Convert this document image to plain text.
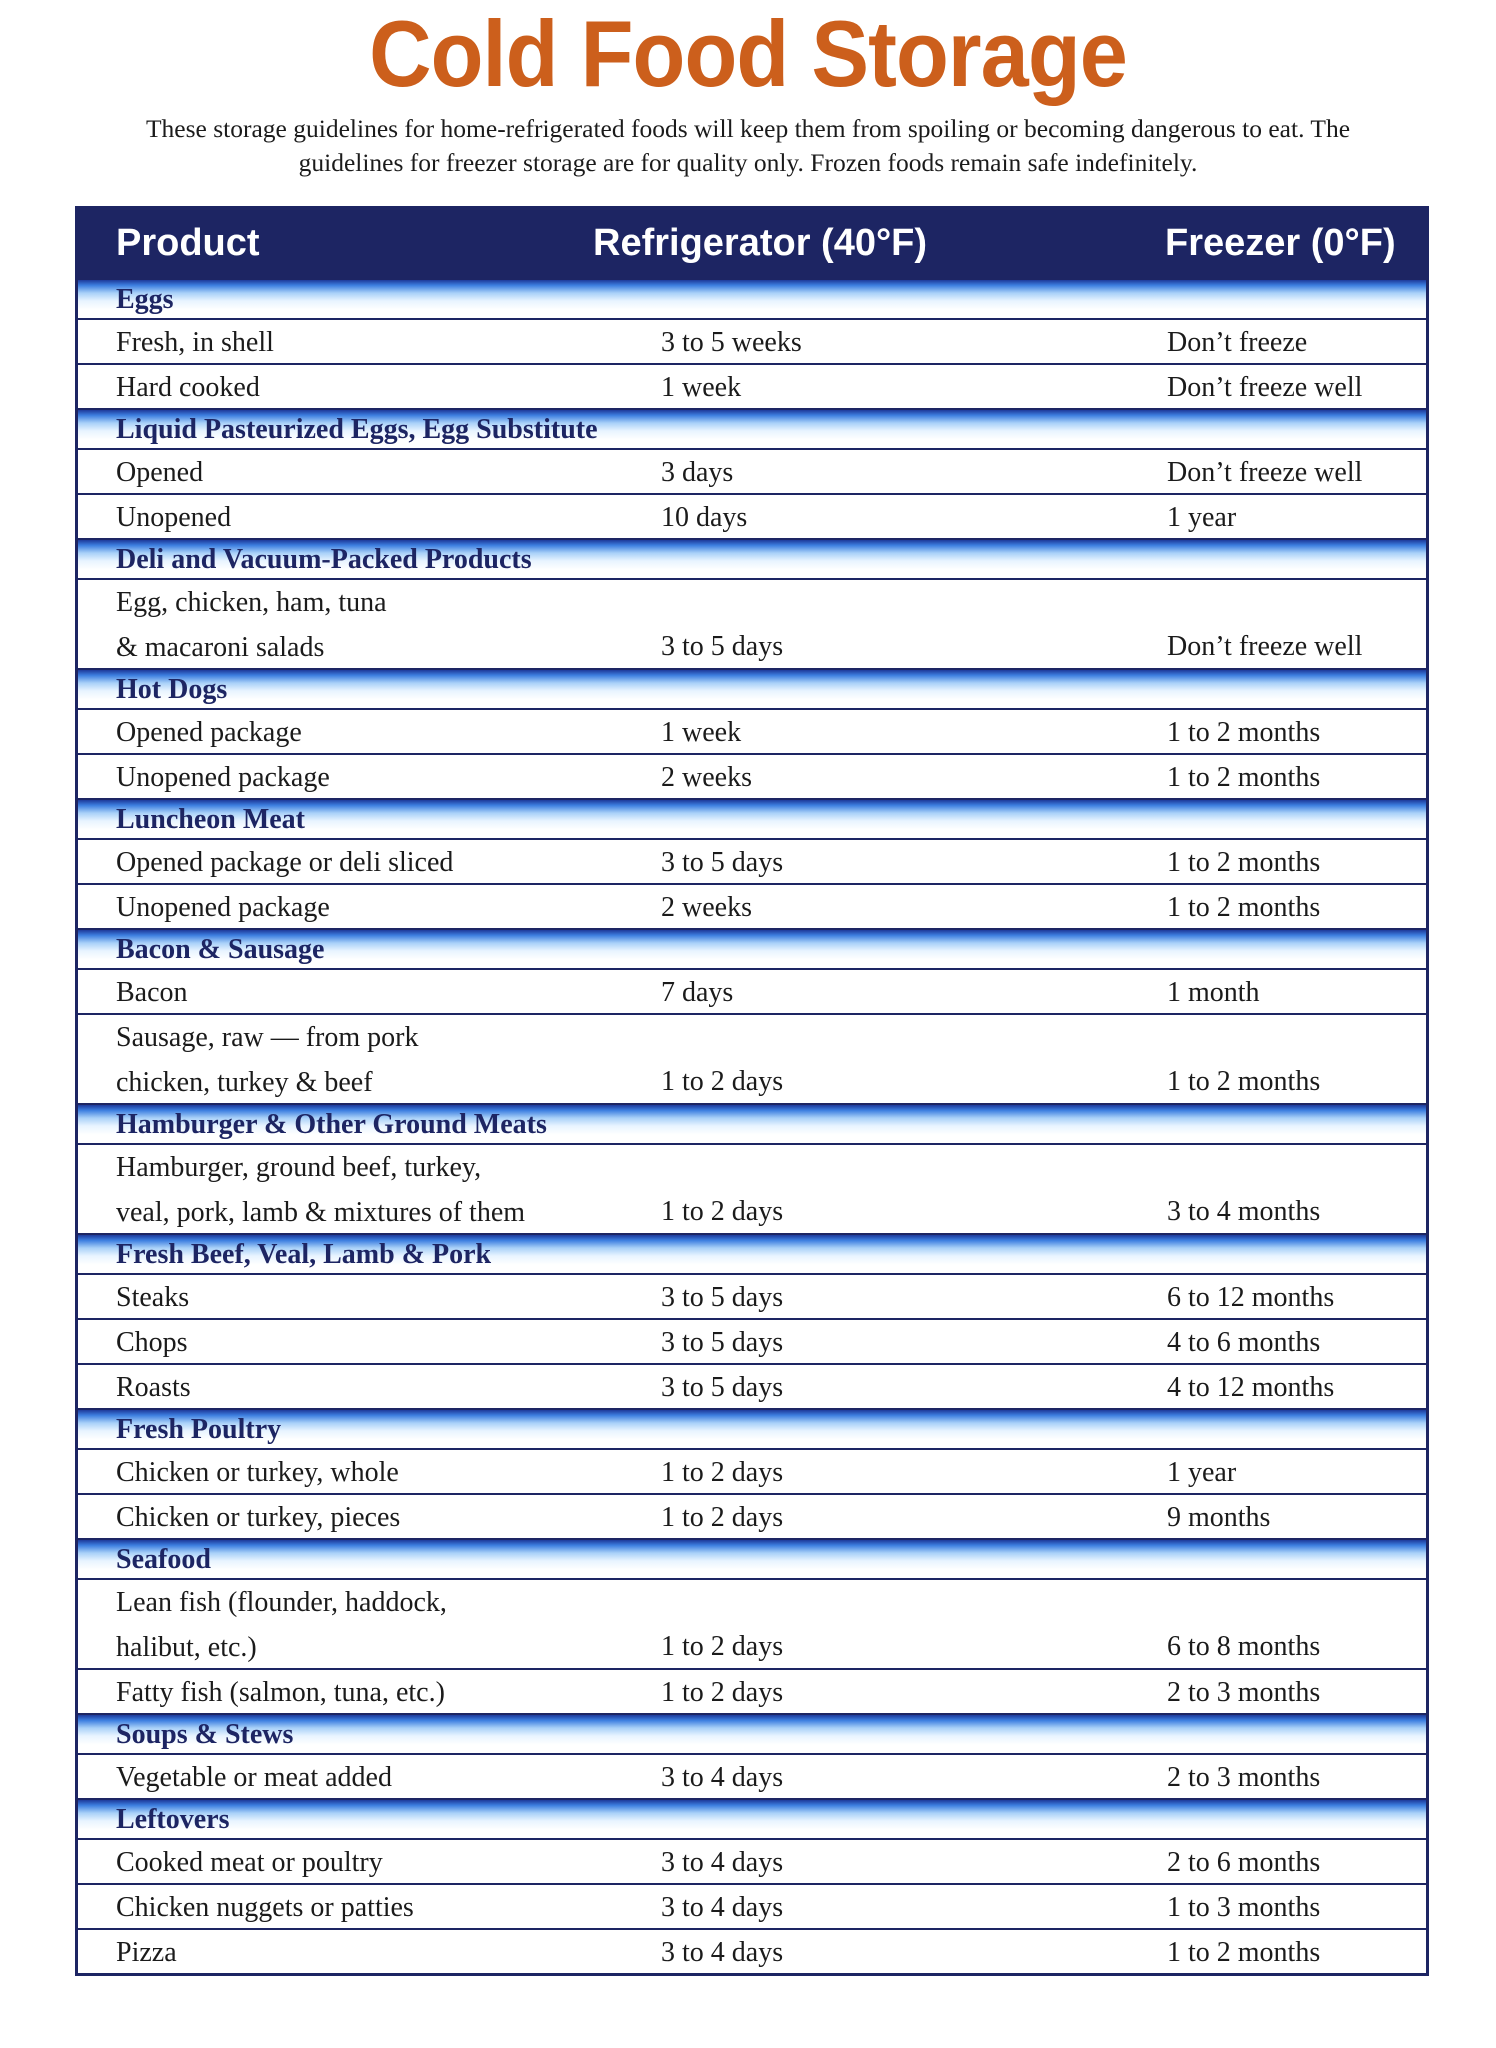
Cold Food Storage
These storage guidelines for home-refrigerated foods will keep them from spoiling or becoming dangerous to eat. The guidelines for freezer storage are for quality only. Frozen foods remain safe indefinitely.
Product	Refrigerator (40°F)	Freezer (0°F)
Eggs
Fresh, in shell	3 to 5 weeks	Don’t freeze
Hard cooked	1 week	Don’t freeze well
Liquid Pasteurized Eggs, Egg Substitute
Opened	3 days	Don’t freeze well
Unopened	10 days	1 year
Deli and Vacuum-Packed Products
Egg, chicken, ham, tuna
& macaroni salads	3 to 5 days	Don’t freeze well
Hot Dogs
Opened package	1 week	1 to 2 months
Unopened package	2 weeks	1 to 2 months
Luncheon Meat
Opened package or deli sliced	3 to 5 days	1 to 2 months
Unopened package	2 weeks	1 to 2 months
Bacon & Sausage
Bacon	7 days	1 month
Sausage, raw — from pork
chicken, turkey & beef	1 to 2 days	1 to 2 months
Hamburger & Other Ground Meats
Hamburger, ground beef, turkey,
veal, pork, lamb & mixtures of them	1 to 2 days	3 to 4 months
Fresh Beef, Veal, Lamb & Pork
Steaks	3 to 5 days	6 to 12 months
Chops	3 to 5 days	4 to 6 months
Roasts	3 to 5 days	4 to 12 months
Fresh Poultry
Chicken or turkey, whole	1 to 2 days	1 year
Chicken or turkey, pieces	1 to 2 days	9 months
Seafood
Lean fish (flounder, haddock,
halibut, etc.)	1 to 2 days	6 to 8 months
Fatty fish (salmon, tuna, etc.)	1 to 2 days	2 to 3 months
Soups & Stews
Vegetable or meat added	3 to 4 days	2 to 3 months
Leftovers
Cooked meat or poultry	3 to 4 days	2 to 6 months
Chicken nuggets or patties	3 to 4 days	1 to 3 months
Pizza	3 to 4 days	1 to 2 months
